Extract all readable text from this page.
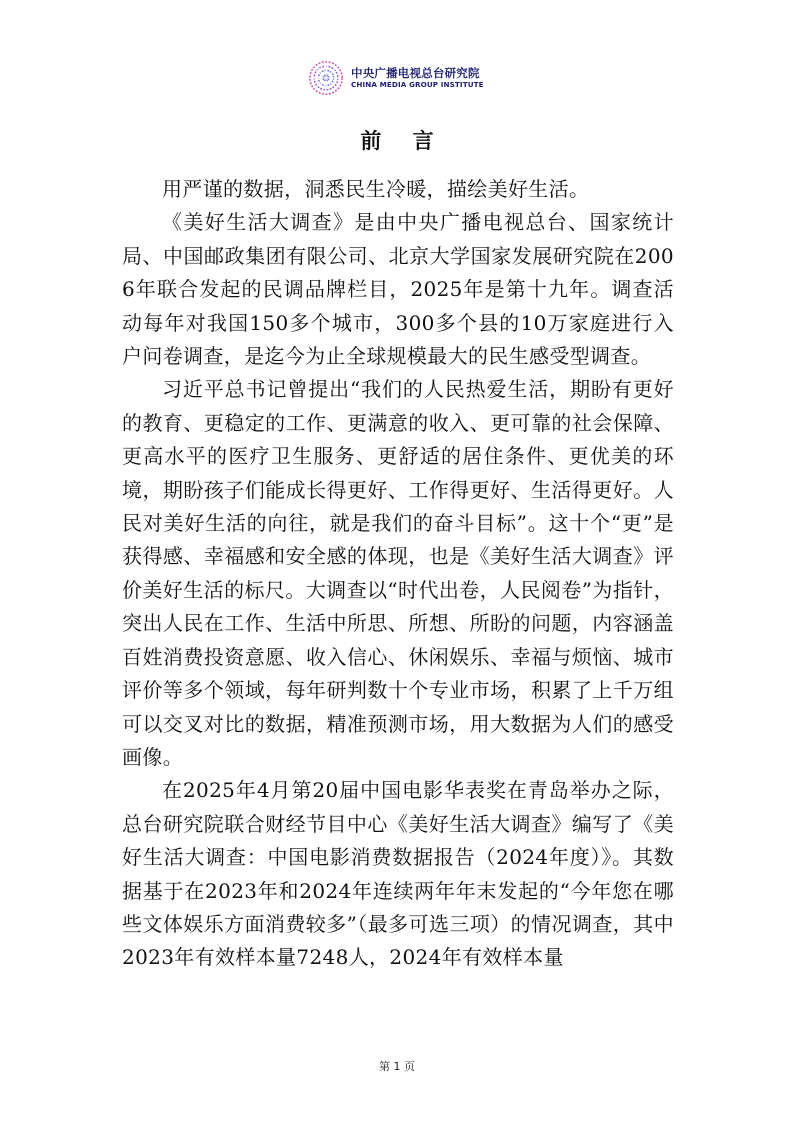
中央广播电视总台研究院
CHINA MEDIA GROUP INSTITUTE
前 言

用严谨的数据，洞悉民生冷暖，描绘美好生活。

《美好生活大调查》是由中央广播电视总台、国家统计局、中国邮政集团有限公司、北京大学国家发展研究院在2006年联合发起的民调品牌栏目，2025年是第十九年。调查活动每年对我国150多个城市，300多个县的10万家庭进行入户问卷调查，是迄今为止全球规模最大的民生感受型调查。

习近平总书记曾提出“我们的人民热爱生活，期盼有更好的教育、更稳定的工作、更满意的收入、更可靠的社会保障、更高水平的医疗卫生服务、更舒适的居住条件、更优美的环境，期盼孩子们能成长得更好、工作得更好、生活得更好。人民对美好生活的向往，就是我们的奋斗目标”。这十个“更”是获得感、幸福感和安全感的体现，也是《美好生活大调查》评价美好生活的标尺。大调查以“时代出卷，人民阅卷”为指针，突出人民在工作、生活中所思、所想、所盼的问题，内容涵盖百姓消费投资意愿、收入信心、休闲娱乐、幸福与烦恼、城市评价等多个领域，每年研判数十个专业市场，积累了上千万组可以交叉对比的数据，精准预测市场，用大数据为人们的感受画像。

在2025年4月第20届中国电影华表奖在青岛举办之际，总台研究院联合财经节目中心《美好生活大调查》编写了《美好生活大调查：中国电影消费数据报告（2024年度）》。其数据基于在2023年和2024年连续两年年末发起的“今年您在哪些文体娱乐方面消费较多”（最多可选三项）的情况调查，其中2023年有效样本量7248人，2024年有效样本量

第 1 页
